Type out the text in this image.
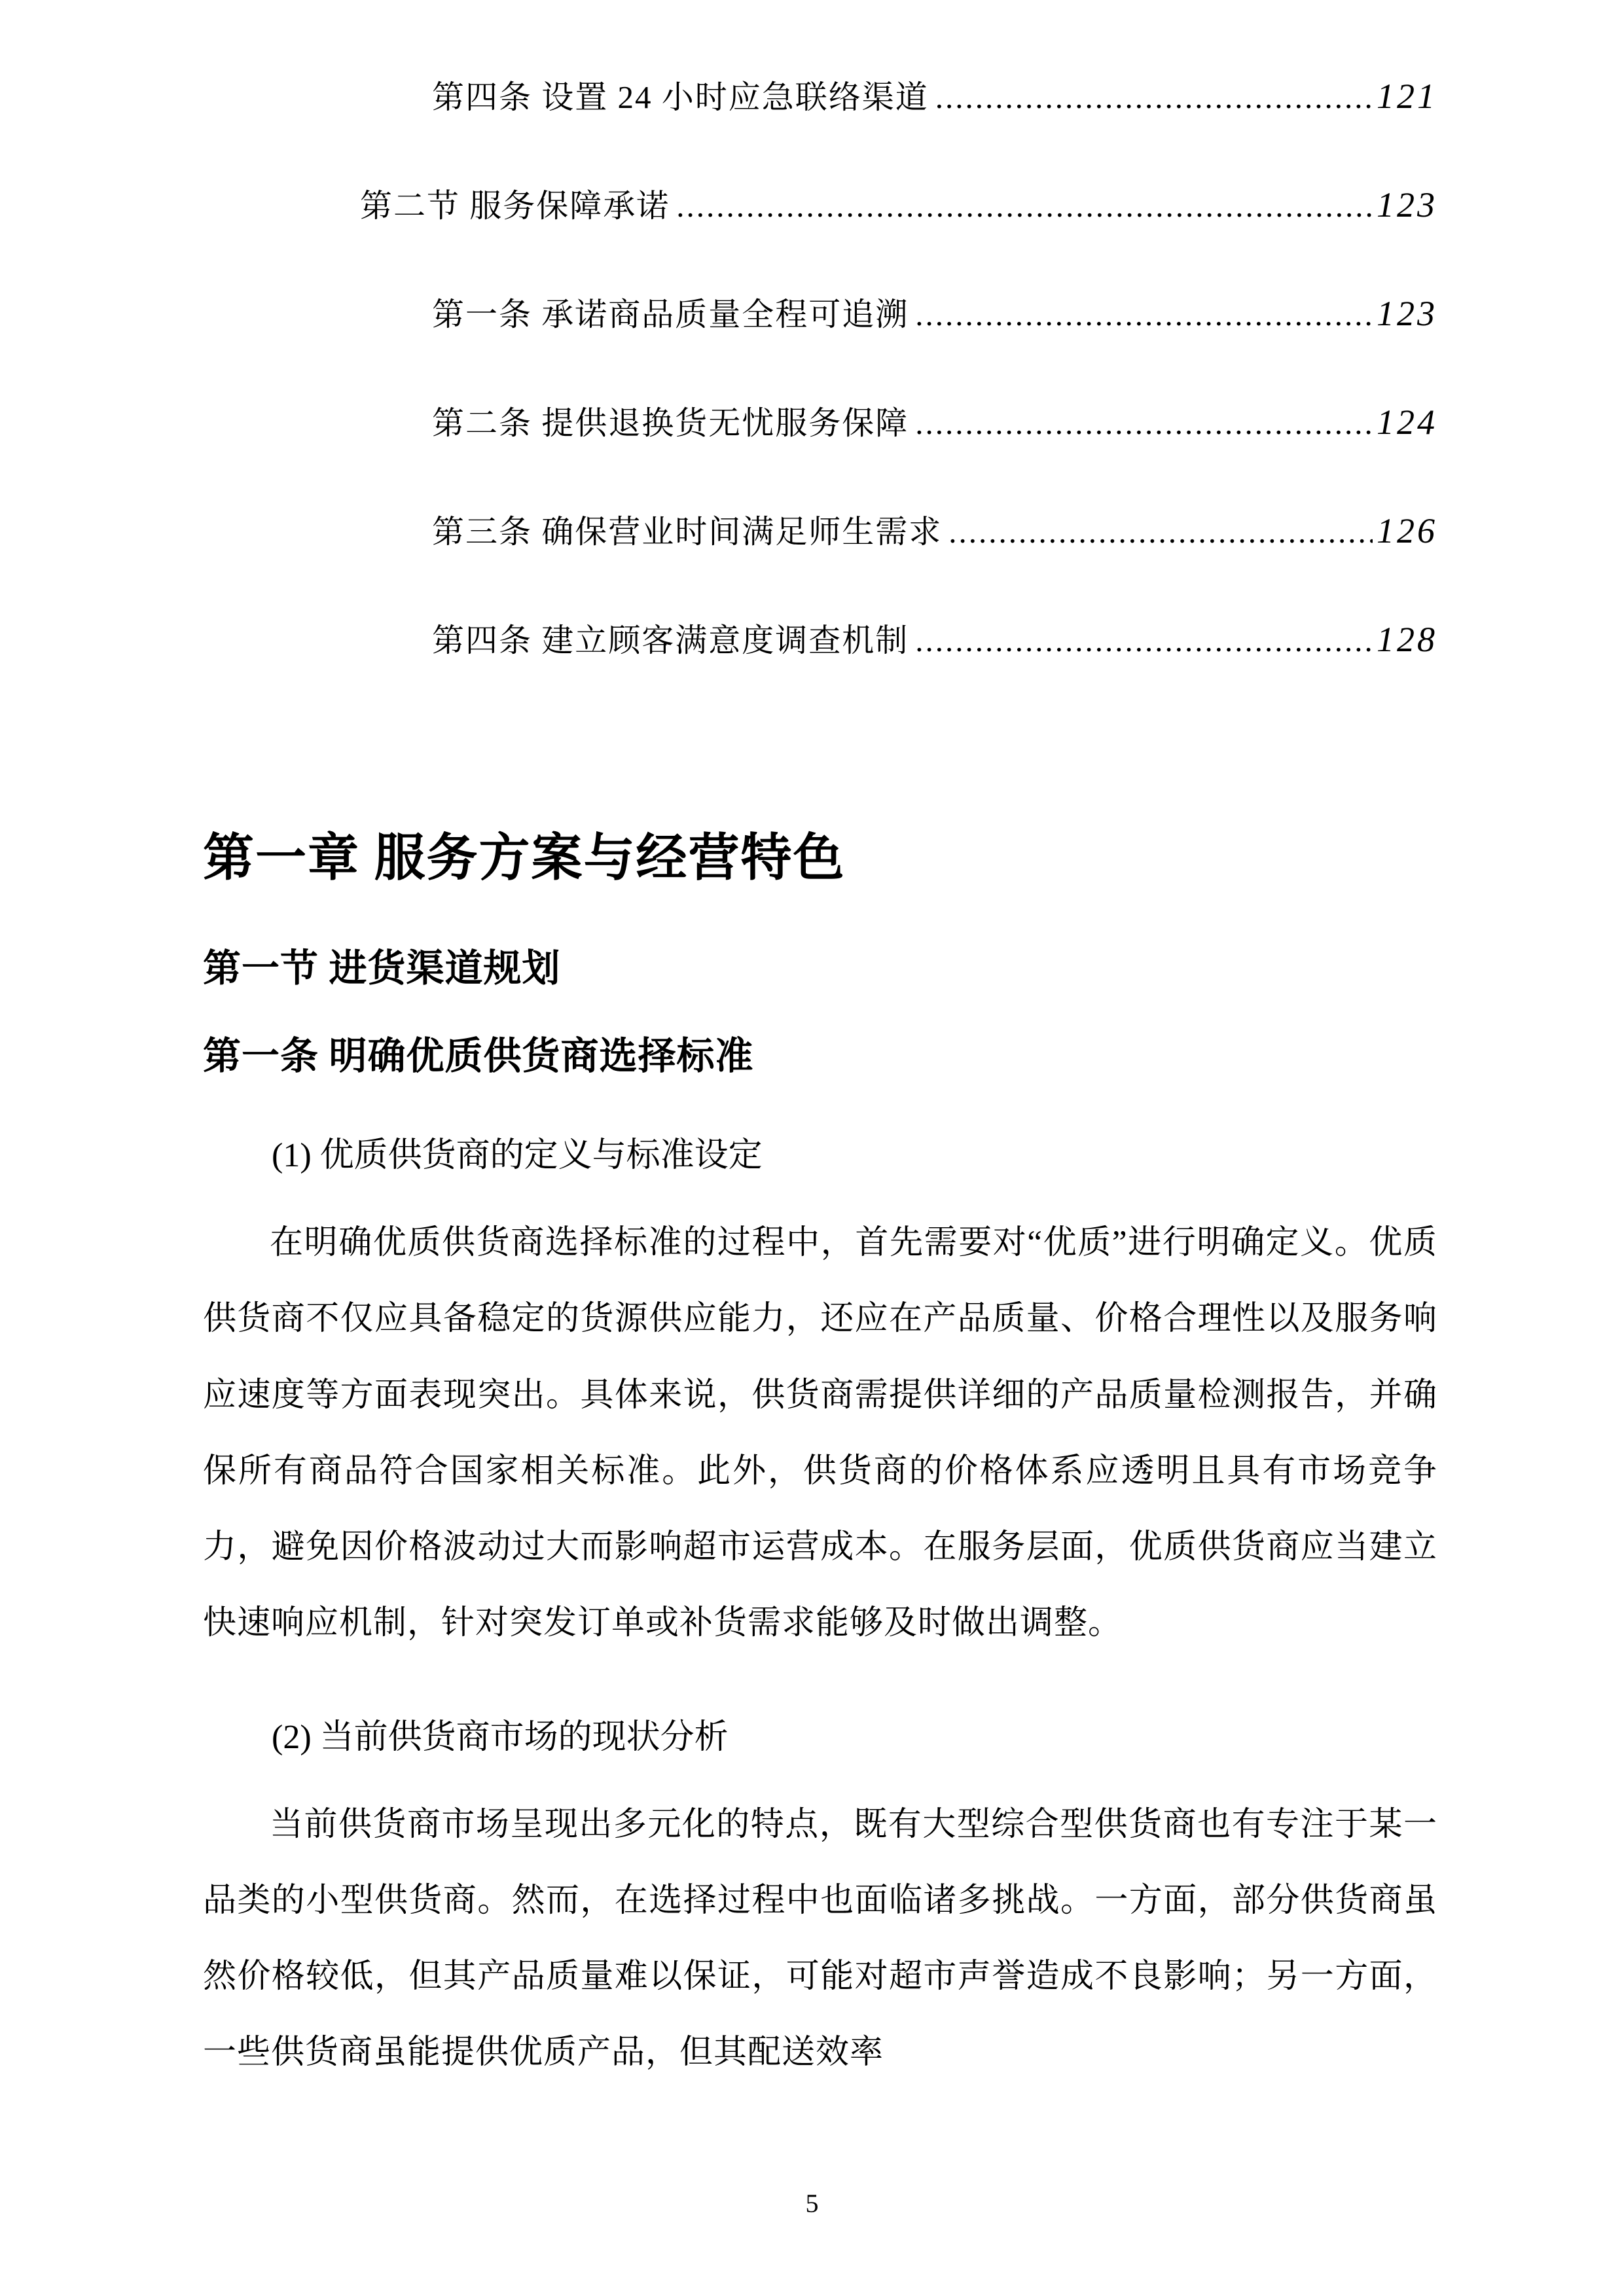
第四条 设置 24 小时应急联络渠道 .....	121
第二节 服务保障承诺 .....	123
第一条 承诺商品质量全程可追溯 .....	123
第二条 提供退换货无忧服务保障 .....	124
第三条 确保营业时间满足师生需求 .....	126
第四条 建立顾客满意度调查机制 .....	128
第一章 服务方案与经营特色
第一节 进货渠道规划
第一条 明确优质供货商选择标准

(1) 优质供货商的定义与标准设定

在明确优质供货商选择标准的过程中，首先需要对“优质”进行明确定义。优质供货商不仅应具备稳定的货源供应能力，还应在产品质量、价格合理性以及服务响应速度等方面表现突出。具体来说，供货商需提供详细的产品质量检测报告，并确保所有商品符合国家相关标准。此外，供货商的价格体系应透明且具有市场竞争力，避免因价格波动过大而影响超市运营成本。在服务层面，优质供货商应当建立快速响应机制，针对突发订单或补货需求能够及时做出调整。

(2) 当前供货商市场的现状分析

当前供货商市场呈现出多元化的特点，既有大型综合型供货商也有专注于某一品类的小型供货商。然而，在选择过程中也面临诸多挑战。一方面，部分供货商虽然价格较低，但其产品质量难以保证，可能对超市声誉造成不良影响；另一方面，一些供货商虽能提供优质产品，但其配送效率

5
